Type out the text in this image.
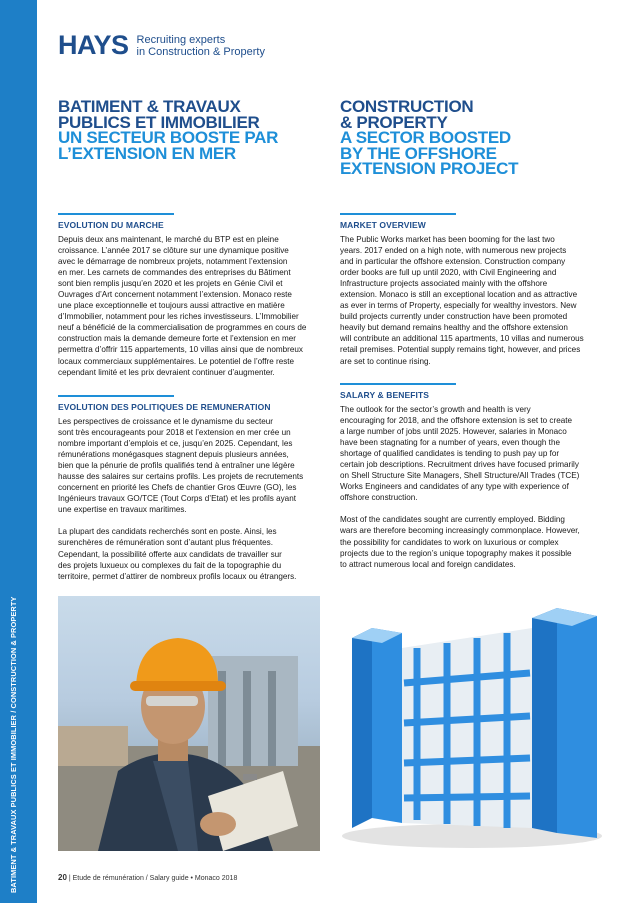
BATIMENT & TRAVAUX PUBLICS ET IMMOBILIER / CONSTRUCTION & PROPERTY
HAYS Recruiting experts
in Construction & Property
BATIMENT & TRAVAUX
PUBLICS ET IMMOBILIER
UN SECTEUR BOOSTE PAR
L’EXTENSION EN MER
EVOLUTION DU MARCHE
Depuis deux ans maintenant, le marché du BTP est en pleine
croissance. L’année 2017 se clôture sur une dynamique positive
avec le démarrage de nombreux projets, notamment l’extension
en mer. Les carnets de commandes des entreprises du Bâtiment
sont bien remplis jusqu’en 2020 et les projets en Génie Civil et
Ouvrages d’Art concernent notamment l’extension. Monaco reste
une place exceptionnelle et toujours aussi attractive en matière
d’Immobilier, notamment pour les riches investisseurs. L’Immobilier
neuf a bénéficié de la commercialisation de programmes en cours de
construction mais la demande demeure forte et l’extension en mer
permettra d’offrir 115 appartements, 10 villas ainsi que de nombreux
locaux commerciaux supplémentaires. Le potentiel de l’offre reste
cependant limité et les prix devraient continuer d’augmenter.
EVOLUTION DES POLITIQUES DE REMUNERATION
Les perspectives de croissance et le dynamisme du secteur
sont très encourageants pour 2018 et l’extension en mer crée un
nombre important d’emplois et ce, jusqu’en 2025. Cependant, les
rémunérations monégasques stagnent depuis plusieurs années,
bien que la pénurie de profils qualifiés tend à entraîner une légère
hausse des salaires sur certains profils. Les projets de recrutements
concernent en priorité les Chefs de chantier Gros Œuvre (GO), les
Ingénieurs travaux GO/TCE (Tout Corps d’Etat) et les profils ayant
une expertise en travaux maritimes.
La plupart des candidats recherchés sont en poste. Ainsi, les
surenchères de rémunération sont d’autant plus fréquentes.
Cependant, la possibilité offerte aux candidats de travailler sur
des projets luxueux ou complexes du fait de la topographie du
territoire, permet d’attirer de nombreux profils locaux ou étrangers.
CONSTRUCTION
& PROPERTY
A SECTOR BOOSTED
BY THE OFFSHORE
EXTENSION PROJECT
MARKET OVERVIEW
The Public Works market has been booming for the last two
years. 2017 ended on a high note, with numerous new projects
and in particular the offshore extension. Construction company
order books are full up until 2020, with Civil Engineering and
Infrastructure projects associated mainly with the offshore
extension. Monaco is still an exceptional location and as attractive
as ever in terms of Property, especially for wealthy investors. New
build projects currently under construction have been promoted
heavily but demand remains healthy and the offshore extension
will contribute an additional 115 apartments, 10 villas and numerous
retail premises. Potential supply remains tight, however, and prices
are set to continue rising.
SALARY & BENEFITS
The outlook for the sector’s growth and health is very
encouraging for 2018, and the offshore extension is set to create
a large number of jobs until 2025. However, salaries in Monaco
have been stagnating for a number of years, even though the
shortage of qualified candidates is tending to push pay up for
certain job descriptions. Recruitment drives have focused primarily
on Shell Structure Site Managers, Shell Structure/All Trades (TCE)
Works Engineers and candidates of any type with experience of
offshore construction.
Most of the candidates sought are currently employed. Bidding
wars are therefore becoming increasingly commonplace. However,
the possibility for candidates to work on luxurious or complex
projects due to the region’s unique topography makes it possible
to attract numerous local and foreign candidates.
20 | Etude de rémunération / Salary guide • Monaco 2018
